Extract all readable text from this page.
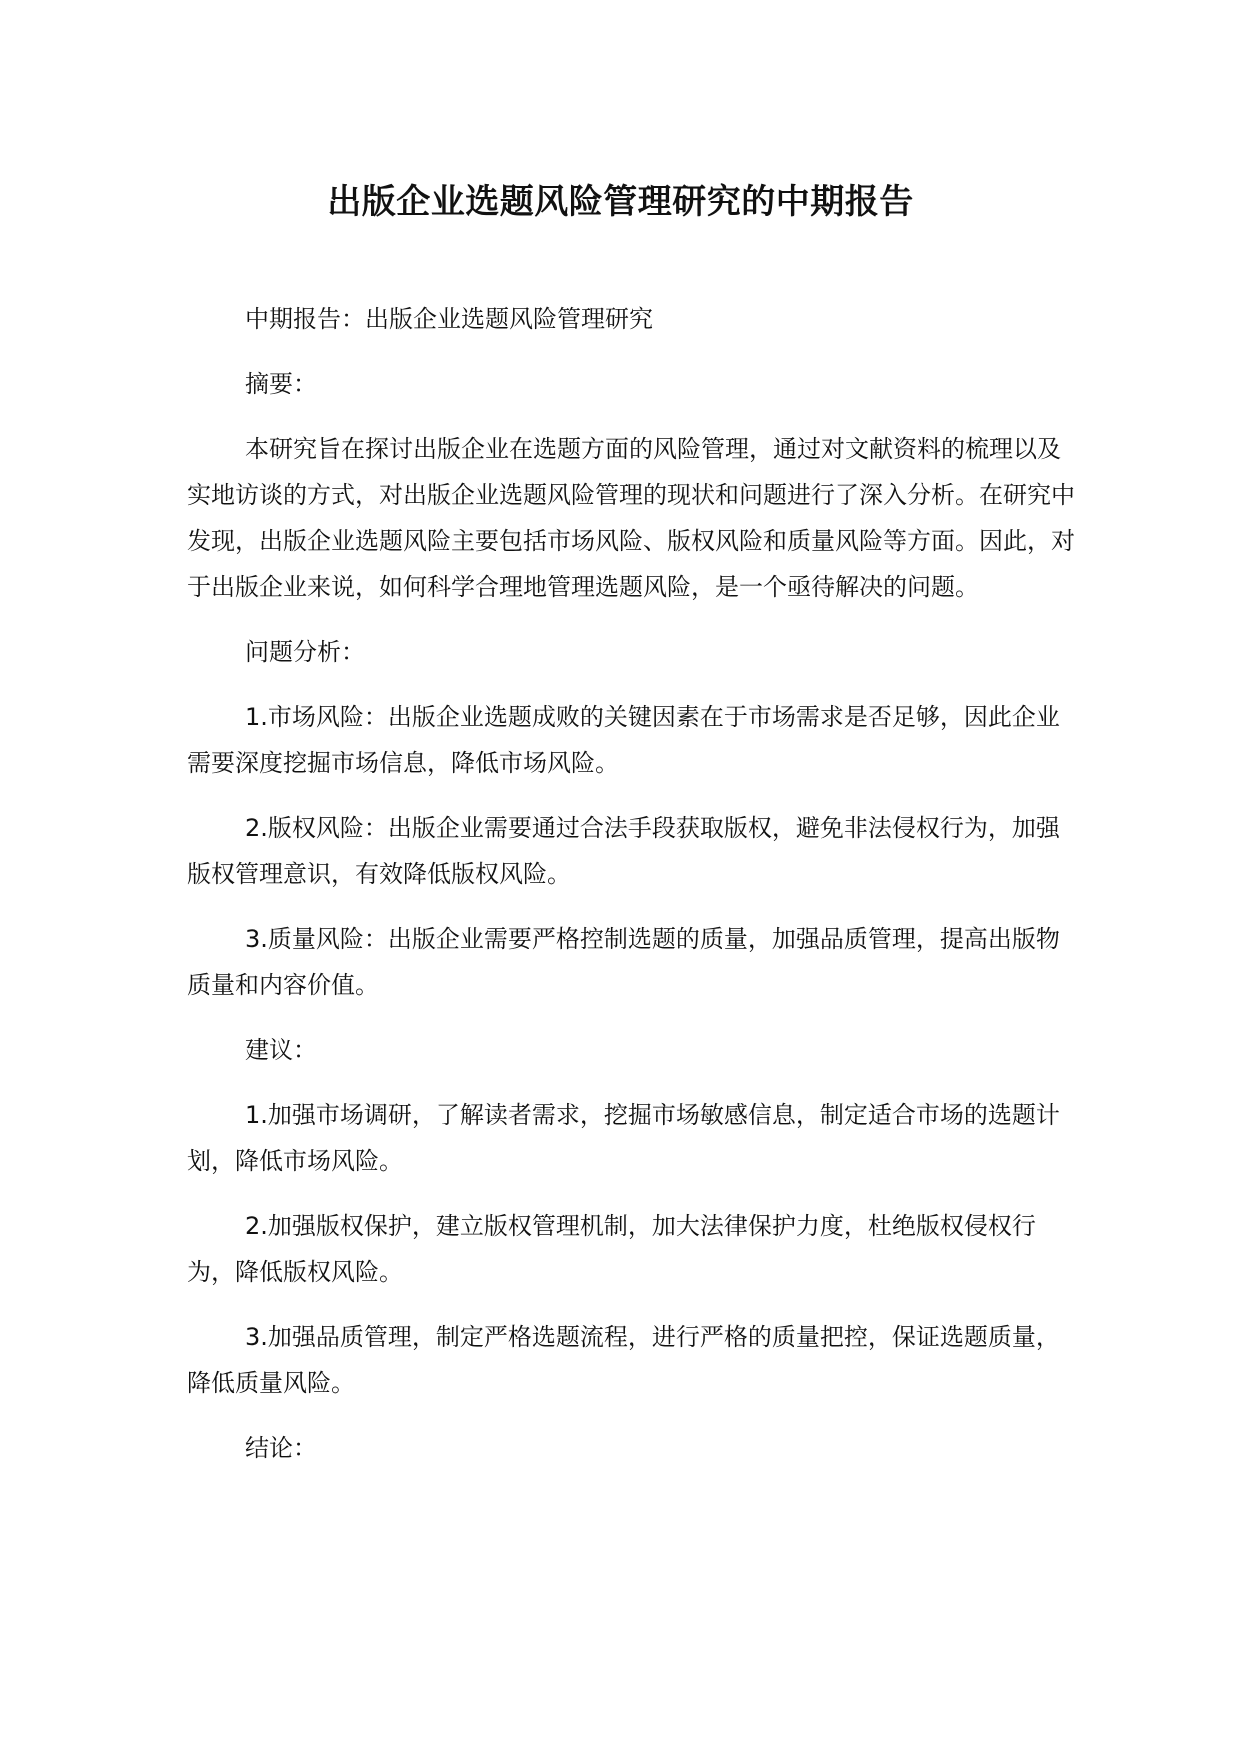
出版企业选题风险管理研究的中期报告

中期报告：出版企业选题风险管理研究

摘要：

本研究旨在探讨出版企业在选题方面的风险管理，通过对文献资料的梳理以及实地访谈的方式，对出版企业选题风险管理的现状和问题进行了深入分析。在研究中发现，出版企业选题风险主要包括市场风险、版权风险和质量风险等方面。因此，对于出版企业来说，如何科学合理地管理选题风险，是一个亟待解决的问题。

问题分析：

1.市场风险：出版企业选题成败的关键因素在于市场需求是否足够，因此企业需要深度挖掘市场信息，降低市场风险。

2.版权风险：出版企业需要通过合法手段获取版权，避免非法侵权行为，加强版权管理意识，有效降低版权风险。

3.质量风险：出版企业需要严格控制选题的质量，加强品质管理，提高出版物质量和内容价值。

建议：

1.加强市场调研，了解读者需求，挖掘市场敏感信息，制定适合市场的选题计划，降低市场风险。

2.加强版权保护，建立版权管理机制，加大法律保护力度，杜绝版权侵权行为，降低版权风险。

3.加强品质管理，制定严格选题流程，进行严格的质量把控，保证选题质量，降低质量风险。

结论：
